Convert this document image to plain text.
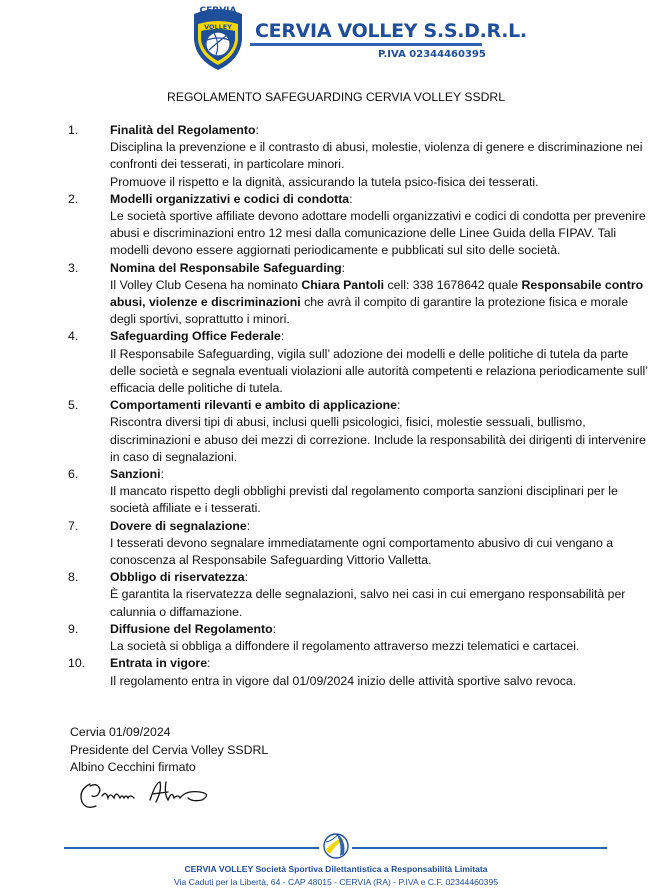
CERVIA
VOLLEY CERVIA VOLLEY S.S.D.R.L.
P.IVA 02344460395
REGOLAMENTO SAFEGUARDING CERVIA VOLLEY SSDRL
1.	Finalità del Regolamento:
Disciplina la prevenzione e il contrasto di abusi, molestie, violenza di genere e discriminazione nei confronti dei tesserati, in particolare minori.
Promuove il rispetto e la dignità, assicurando la tutela psico-fisica dei tesserati.
2.	Modelli organizzativi e codici di condotta:
Le società sportive affiliate devono adottare modelli organizzativi e codici di condotta per prevenire abusi e discriminazioni entro 12 mesi dalla comunicazione delle Linee Guida della FIPAV. Tali modelli devono essere aggiornati periodicamente e pubblicati sul sito delle società.
3.	Nomina del Responsabile Safeguarding:
Il Volley Club Cesena ha nominato Chiara Pantoli cell: 338 1678642 quale Responsabile contro abusi, violenze e discriminazioni che avrà il compito di garantire la protezione fisica e morale degli sportivi, soprattutto i minori.
4.	Safeguarding Office Federale:
Il Responsabile Safeguarding, vigila sull’ adozione dei modelli e delle politiche di tutela da parte delle società e segnala eventuali violazioni alle autorità competenti e relaziona periodicamente sull’ efficacia delle politiche di tutela.
5.	Comportamenti rilevanti e ambito di applicazione:
Riscontra diversi tipi di abusi, inclusi quelli psicologici, fisici, molestie sessuali, bullismo, discriminazioni e abuso dei mezzi di correzione. Include la responsabilità dei dirigenti di intervenire in caso di segnalazioni.
6.	Sanzioni:
Il mancato rispetto degli obblighi previsti dal regolamento comporta sanzioni disciplinari per le società affiliate e i tesserati.
7.	Dovere di segnalazione:
I tesserati devono segnalare immediatamente ogni comportamento abusivo di cui vengano a conoscenza al Responsabile Safeguarding Vittorio Valletta.
8.	Obbligo di riservatezza:
È garantita la riservatezza delle segnalazioni, salvo nei casi in cui emergano responsabilità per calunnia o diffamazione.
9.	Diffusione del Regolamento:
La società si obbliga a diffondere il regolamento attraverso mezzi telematici e cartacei.
10. Entrata in vigore:
Il regolamento entra in vigore dal 01/09/2024 inizio delle attività sportive salvo revoca.
Cervia 01/09/2024
Presidente del Cervia Volley SSDRL
Albino Cecchini firmato
CERVIA VOLLEY Società Sportiva Dilettantistica a Responsabilità Limitata
Via Caduti per la Libertà, 64 - CAP 48015 - CERVIA (RA) - P.IVA e C.F. 02344460395
